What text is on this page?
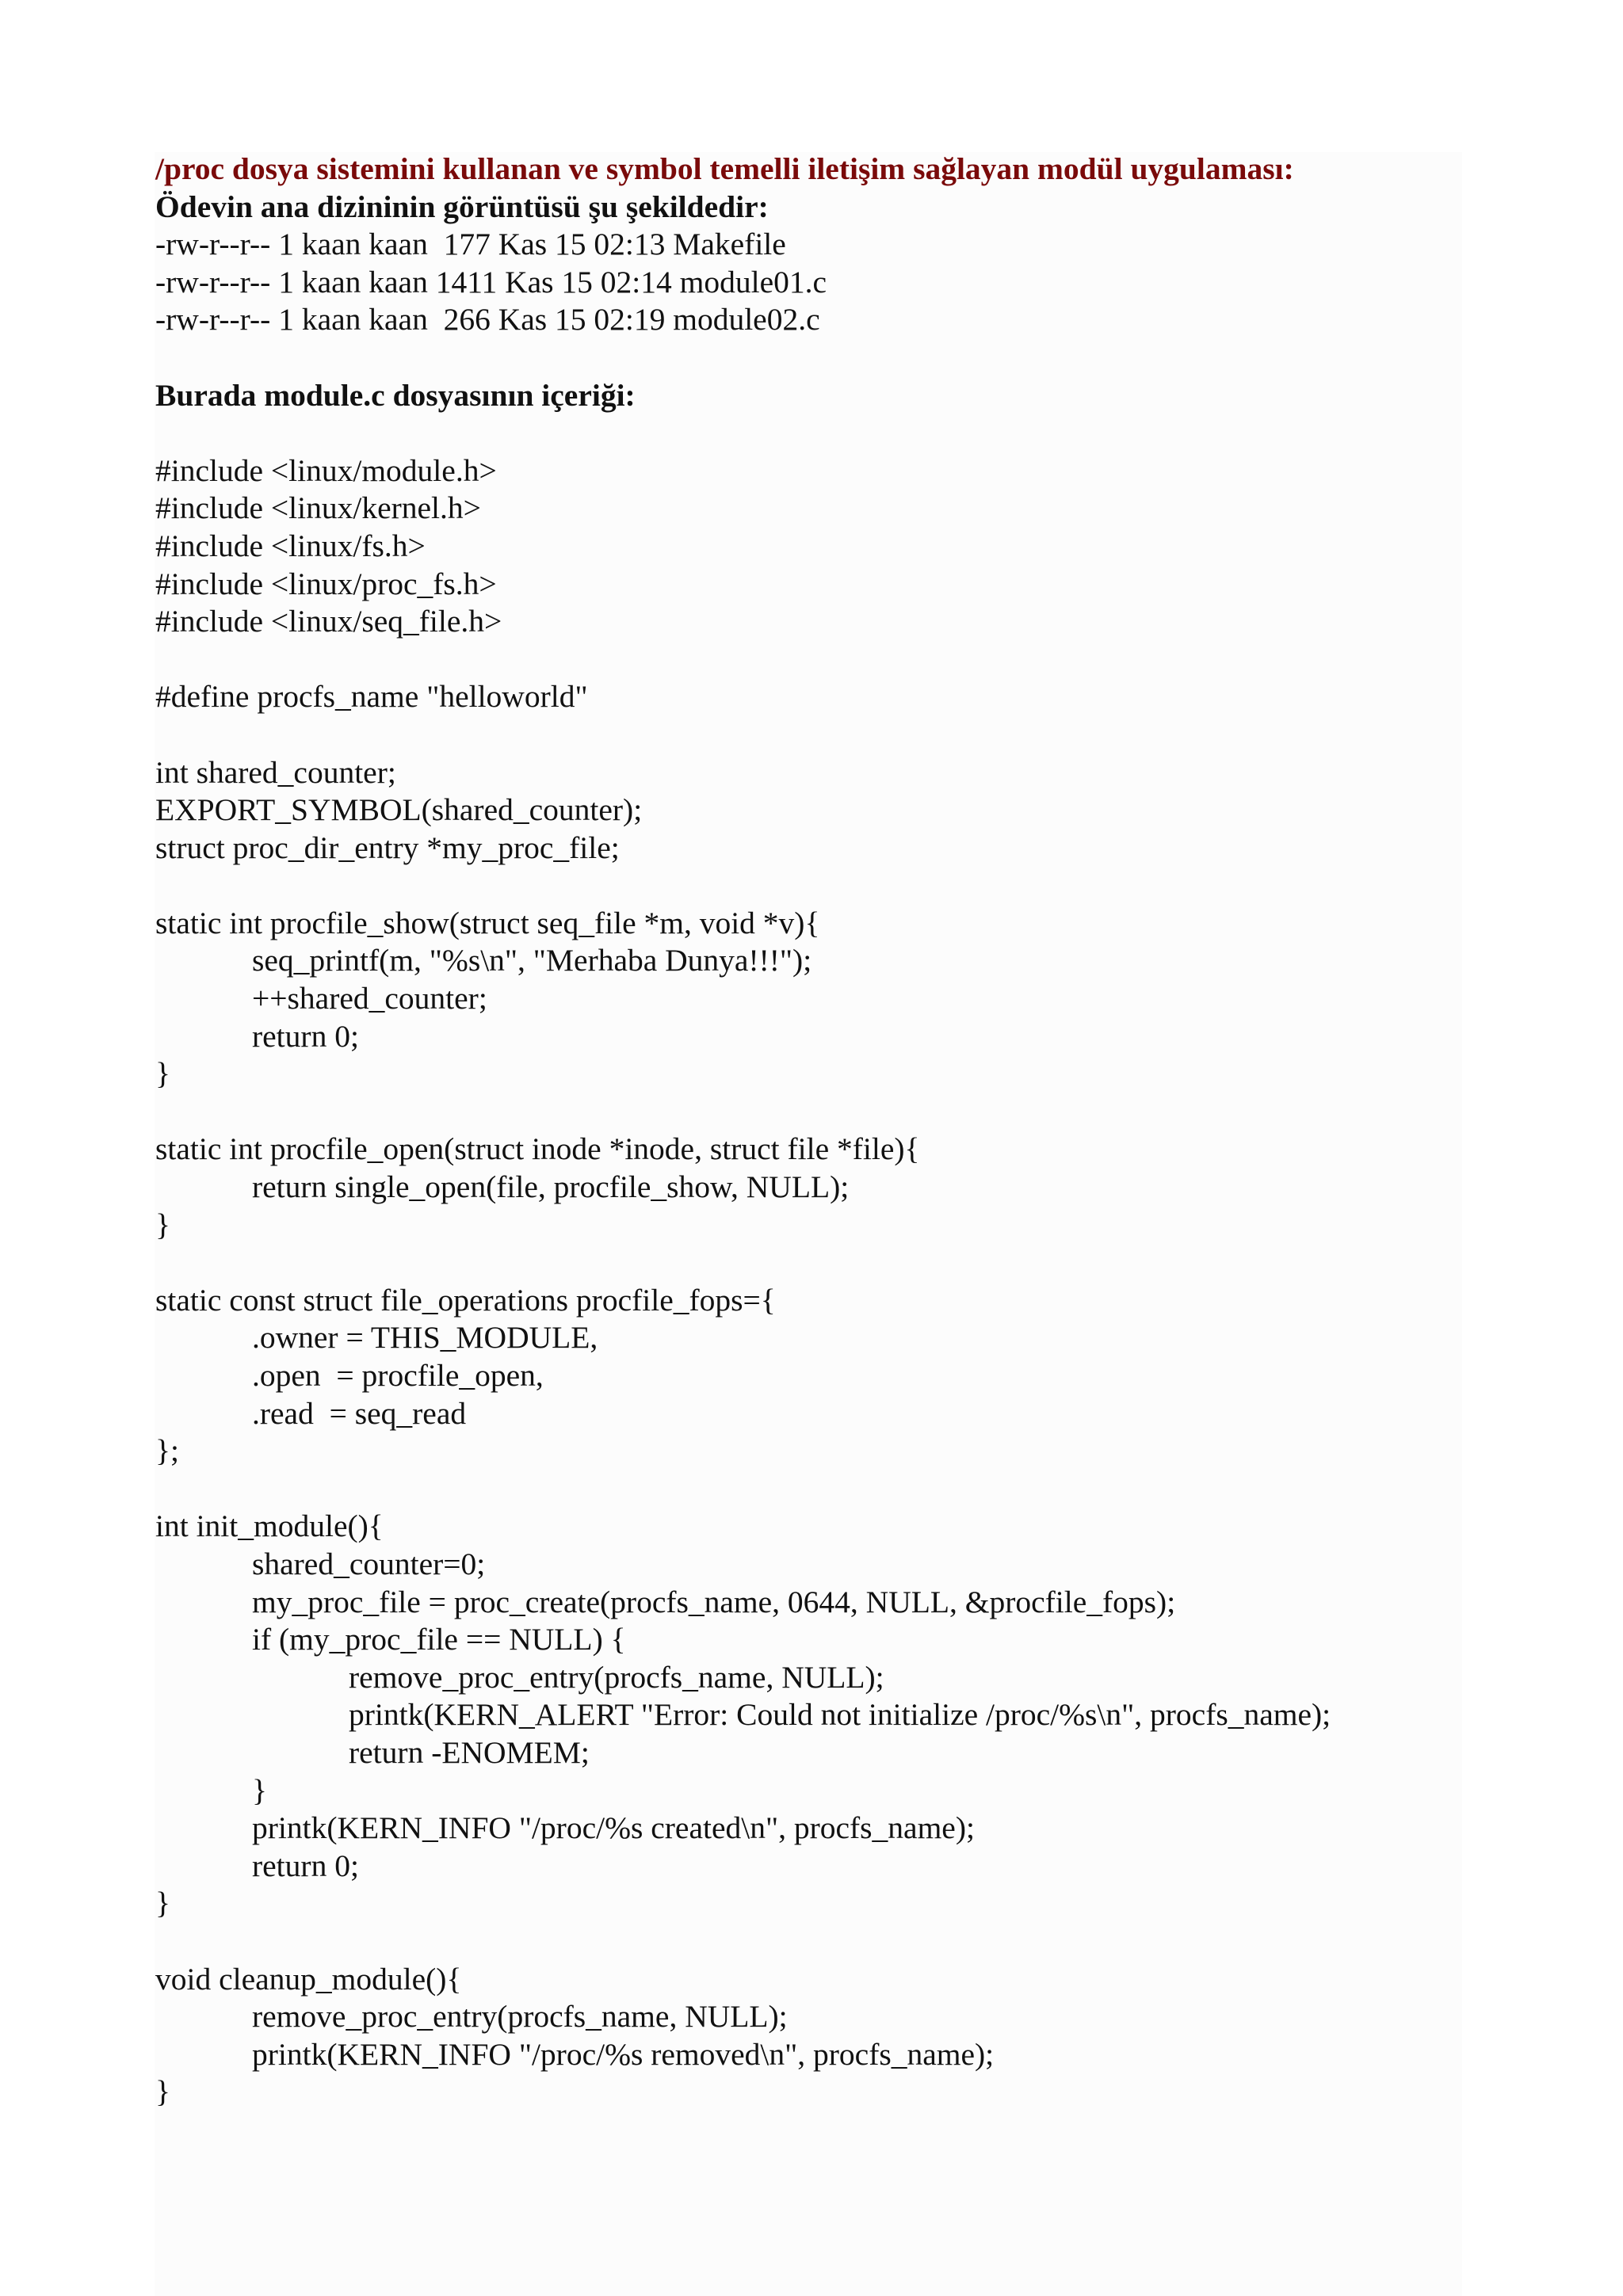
/proc dosya sistemini kullanan ve symbol temelli iletişim sağlayan modül uygulaması:
Ödevin ana dizininin görüntüsü şu şekildedir:
-rw-r--r-- 1 kaan kaan  177 Kas 15 02:13 Makefile
-rw-r--r-- 1 kaan kaan 1411 Kas 15 02:14 module01.c
-rw-r--r-- 1 kaan kaan  266 Kas 15 02:19 module02.c
Burada module.c dosyasının içeriği:
#include <linux/module.h>
#include <linux/kernel.h>
#include <linux/fs.h>
#include <linux/proc_fs.h>
#include <linux/seq_file.h>
#define procfs_name "helloworld"
int shared_counter;
EXPORT_SYMBOL(shared_counter);
struct proc_dir_entry *my_proc_file;
static int procfile_show(struct seq_file *m, void *v){
seq_printf(m, "%s\n", "Merhaba Dunya!!!");
++shared_counter;
return 0;
}
static int procfile_open(struct inode *inode, struct file *file){
return single_open(file, procfile_show, NULL);
}
static const struct file_operations procfile_fops={
.owner = THIS_MODULE,
.open  = procfile_open,
.read  = seq_read
};
int init_module(){
shared_counter=0;
my_proc_file = proc_create(procfs_name, 0644, NULL, &procfile_fops);
if (my_proc_file == NULL) {
remove_proc_entry(procfs_name, NULL);
printk(KERN_ALERT "Error: Could not initialize /proc/%s\n", procfs_name);
return -ENOMEM;
}
printk(KERN_INFO "/proc/%s created\n", procfs_name);
return 0;
}
void cleanup_module(){
remove_proc_entry(procfs_name, NULL);
printk(KERN_INFO "/proc/%s removed\n", procfs_name);
}
